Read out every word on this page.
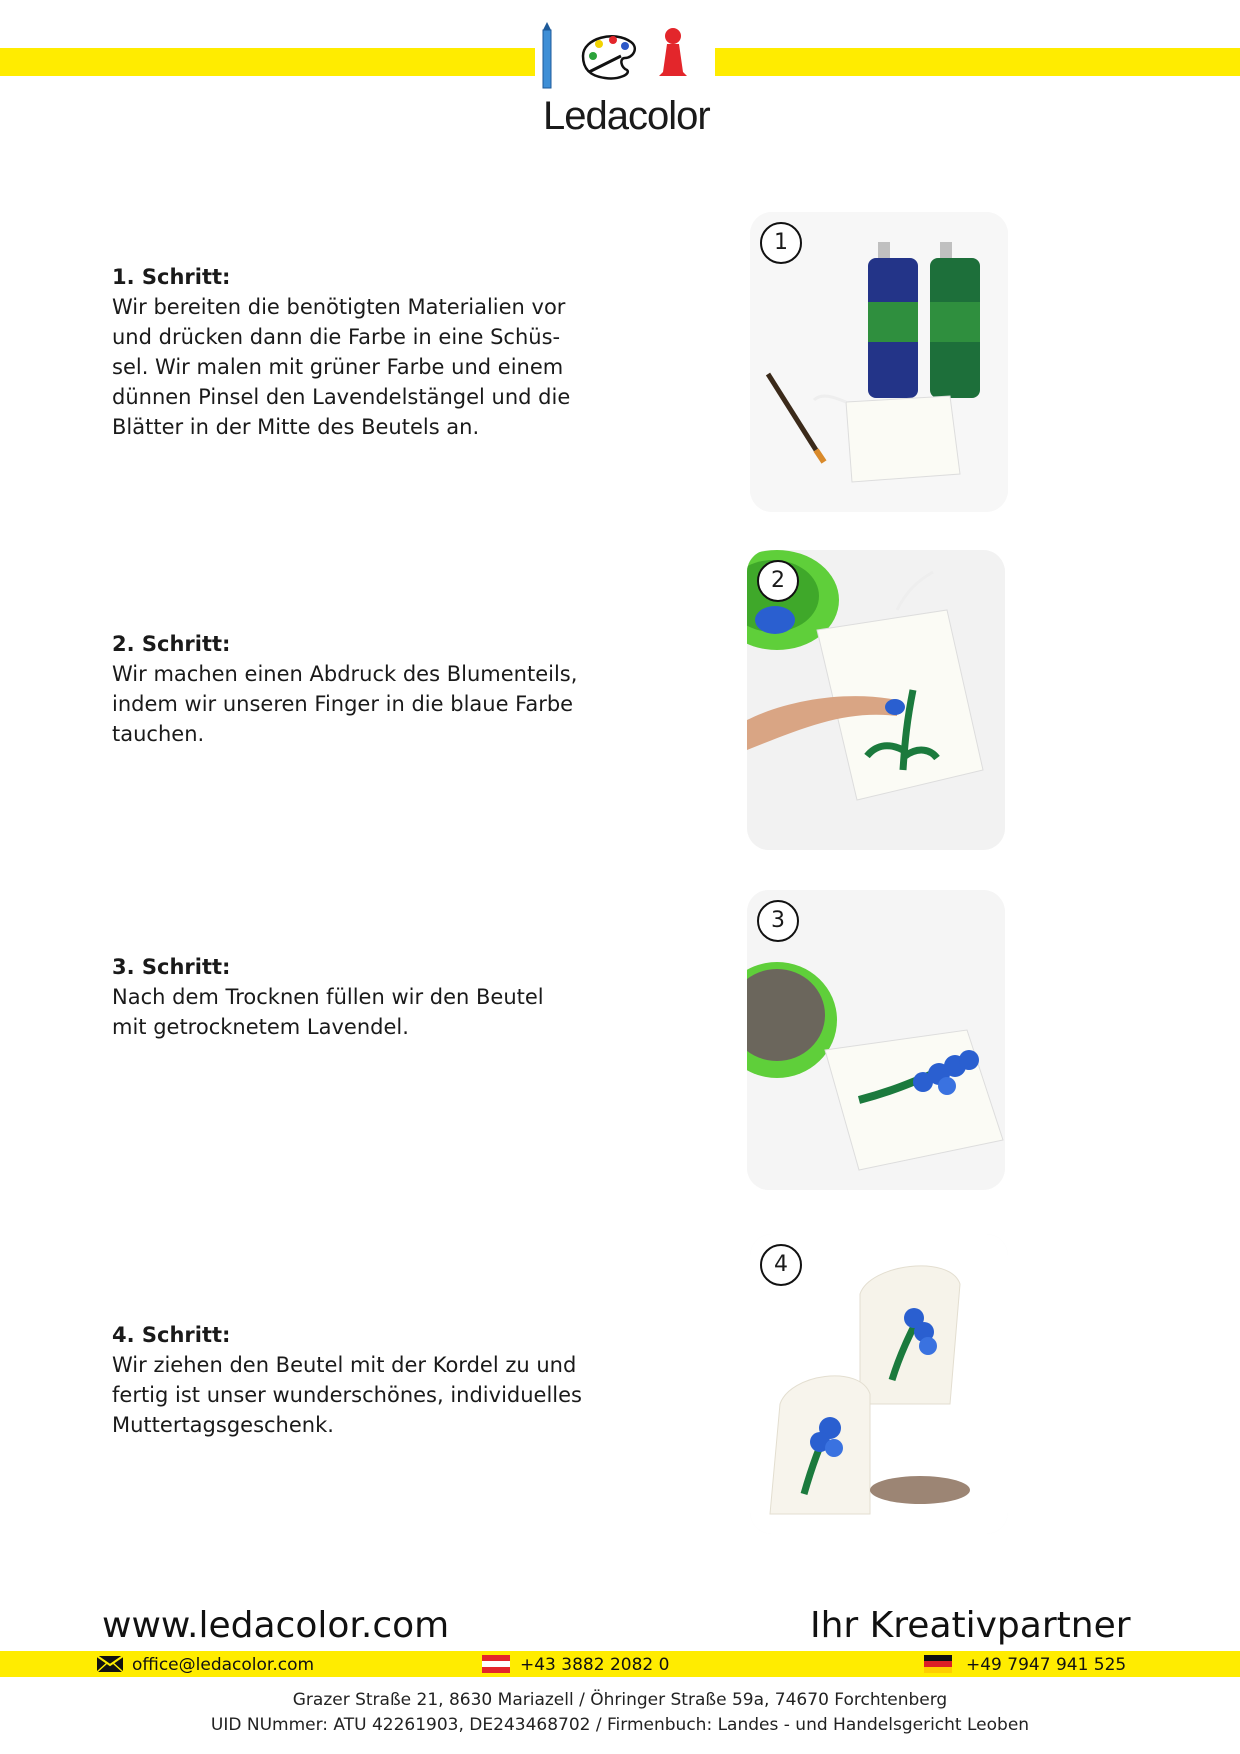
Ledacolor
1. Schritt:
Wir bereiten die benötigten Materialien vor und drücken dann die Farbe in eine Schüs-sel. Wir malen mit grüner Farbe und einem dünnen Pinsel den Lavendelstängel und die Blätter in der Mitte des Beutels an.
1
2. Schritt:
Wir machen einen Abdruck des Blumenteils, indem wir unseren Finger in die blaue Farbe tauchen.
2
3. Schritt:
Nach dem Trocknen füllen wir den Beutel mit getrocknetem Lavendel.
3
4. Schritt:
Wir ziehen den Beutel mit der Kordel zu und fertig ist unser wunderschönes, individuelles Muttertagsgeschenk.
4
www.ledacolor.com	Ihr Kreativpartner
office@ledacolor.com	+43 3882 2082 0	+49 7947 941 525
Grazer Straße 21, 8630 Mariazell / Öhringer Straße 59a, 74670 Forchtenberg
UID NUmmer: ATU 42261903, DE243468702 / Firmenbuch: Landes - und Handelsgericht Leoben
